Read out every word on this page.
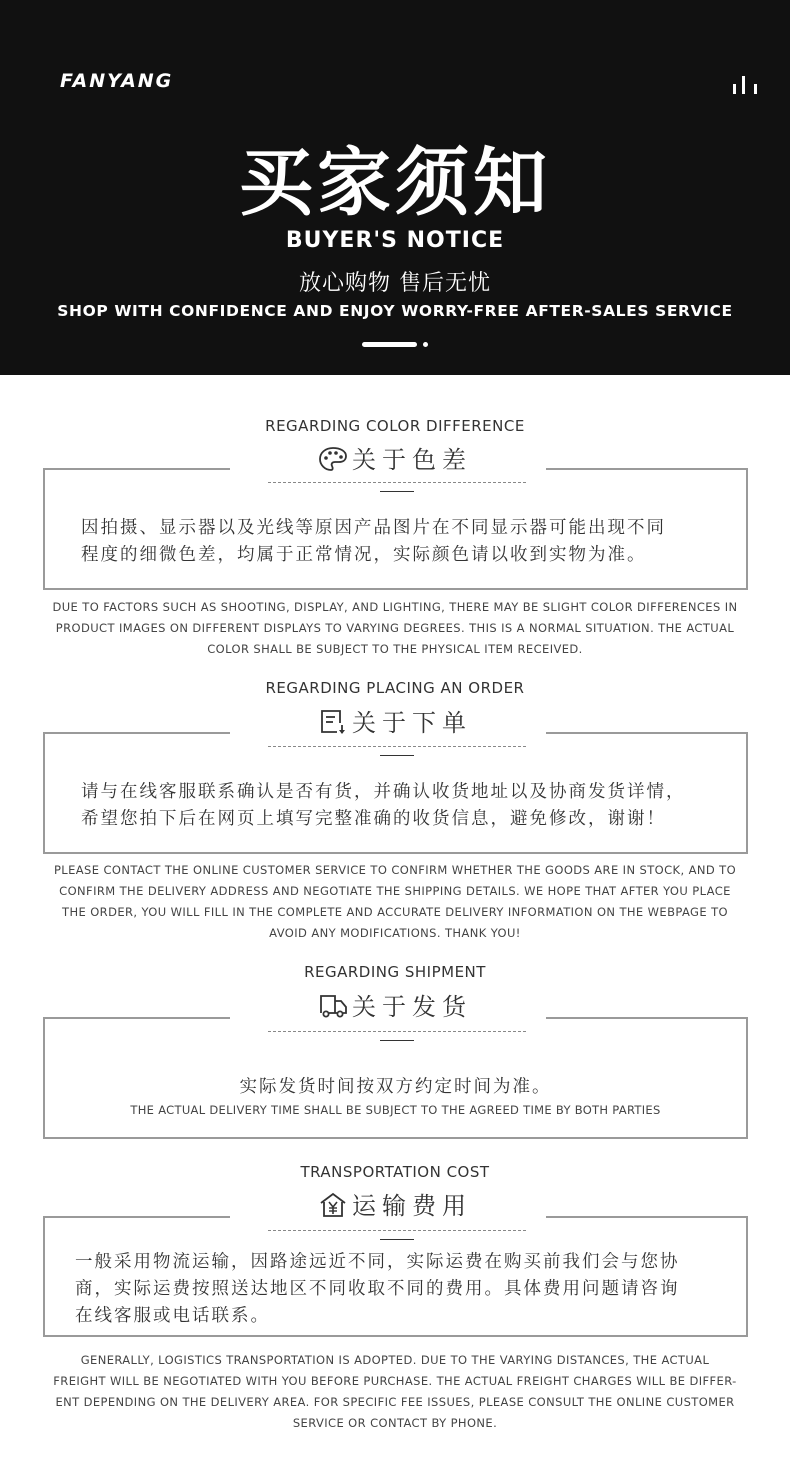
FANYANG
买家须知
BUYER'S NOTICE
放心购物 售后无忧
SHOP WITH CONFIDENCE AND ENJOY WORRY-FREE AFTER-SALES SERVICE
REGARDING COLOR DIFFERENCE
关于色差
因拍摄、显示器以及光线等原因产品图片在不同显示器可能出现不同
程度的细微色差，均属于正常情况，实际颜色请以收到实物为准。
DUE TO FACTORS SUCH AS SHOOTING, DISPLAY, AND LIGHTING, THERE MAY BE SLIGHT COLOR DIFFERENCES IN
PRODUCT IMAGES ON DIFFERENT DISPLAYS TO VARYING DEGREES. THIS IS A NORMAL SITUATION. THE ACTUAL
COLOR SHALL BE SUBJECT TO THE PHYSICAL ITEM RECEIVED.
REGARDING PLACING AN ORDER
关于下单
请与在线客服联系确认是否有货，并确认收货地址以及协商发货详情，
希望您拍下后在网页上填写完整准确的收货信息，避免修改，谢谢！
PLEASE CONTACT THE ONLINE CUSTOMER SERVICE TO CONFIRM WHETHER THE GOODS ARE IN STOCK, AND TO
CONFIRM THE DELIVERY ADDRESS AND NEGOTIATE THE SHIPPING DETAILS. WE HOPE THAT AFTER YOU PLACE
THE ORDER, YOU WILL FILL IN THE COMPLETE AND ACCURATE DELIVERY INFORMATION ON THE WEBPAGE TO
AVOID ANY MODIFICATIONS. THANK YOU!
REGARDING SHIPMENT
关于发货
实际发货时间按双方约定时间为准。
THE ACTUAL DELIVERY TIME SHALL BE SUBJECT TO THE AGREED TIME BY BOTH PARTIES
TRANSPORTATION COST
运输费用
一般采用物流运输，因路途远近不同，实际运费在购买前我们会与您协
商，实际运费按照送达地区不同收取不同的费用。具体费用问题请咨询
在线客服或电话联系。
GENERALLY, LOGISTICS TRANSPORTATION IS ADOPTED. DUE TO THE VARYING DISTANCES, THE ACTUAL
FREIGHT WILL BE NEGOTIATED WITH YOU BEFORE PURCHASE. THE ACTUAL FREIGHT CHARGES WILL BE DIFFER-
ENT DEPENDING ON THE DELIVERY AREA. FOR SPECIFIC FEE ISSUES, PLEASE CONSULT THE ONLINE CUSTOMER
SERVICE OR CONTACT BY PHONE.
